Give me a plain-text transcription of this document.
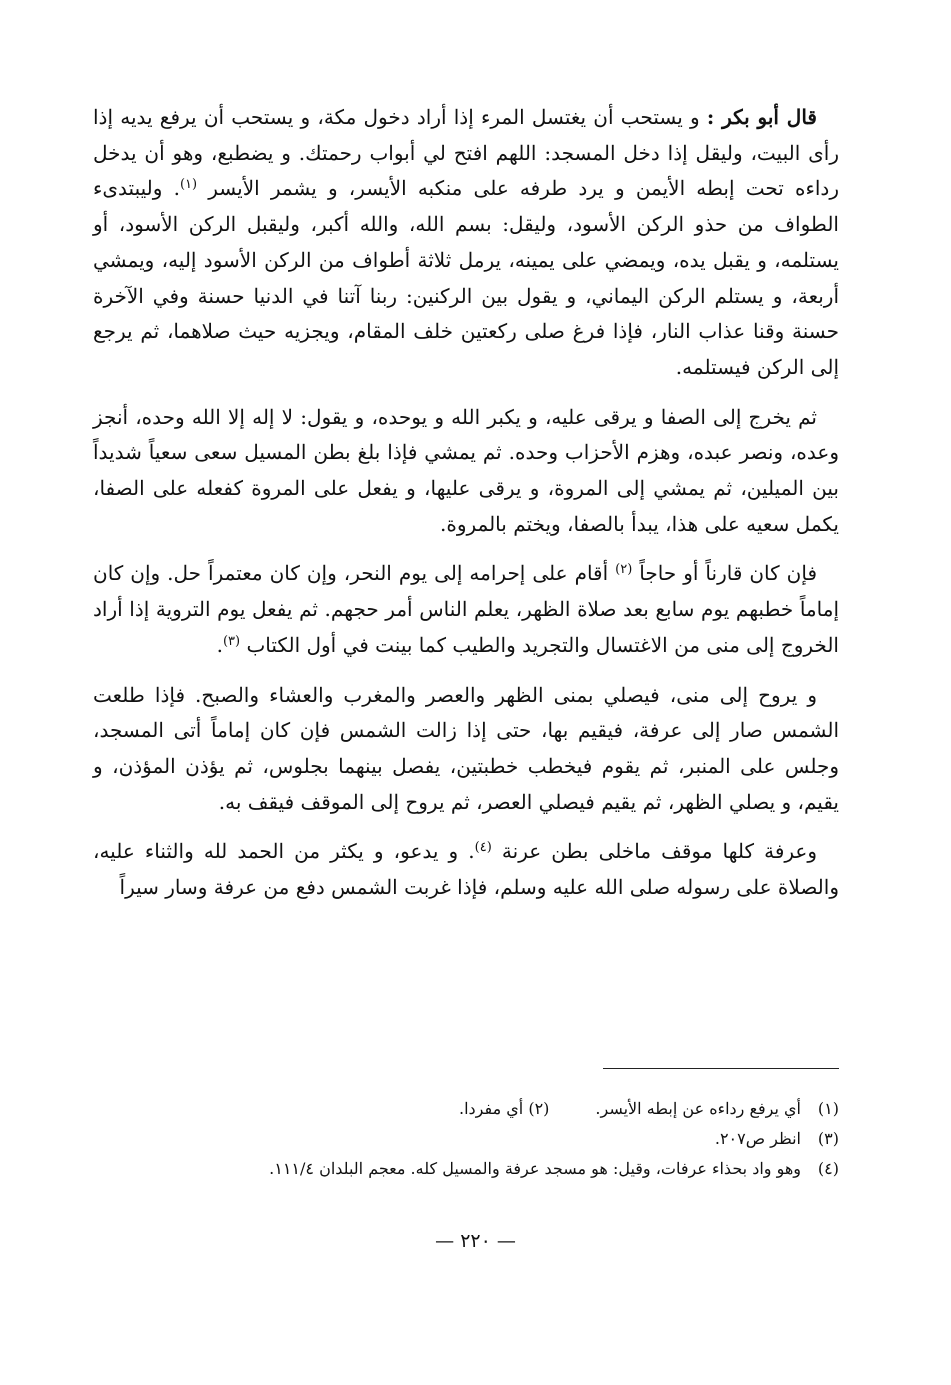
قال أبو بكر : و يستحب أن يغتسل المرء إذا أراد دخول مكة، و يستحب أن يرفع يديه إذا رأى البيت، وليقل إذا دخل المسجد: اللهم افتح لي أبواب رحمتك. و يضطبع، وهو أن يدخل رداءه تحت إبطه الأيمن و يرد طرفه على منكبه الأيسر، و يشمر الأيسر $^{(١)}$. وليبتدىء الطواف من حذو الركن الأسود، وليقل: بسم الله، والله أكبر، وليقبل الركن الأسود، أو يستلمه، و يقبل يده، ويمضي على يمينه، يرمل ثلاثة أطواف من الركن الأسود إليه، ويمشي أربعة، و يستلم الركن اليماني، و يقول بين الركنين: ربنا آتنا في الدنيا حسنة وفي الآخرة حسنة وقنا عذاب النار، فإذا فرغ صلى ركعتين خلف المقام، ويجزيه حيث صلاهما، ثم يرجع إلى الركن فيستلمه.

ثم يخرج إلى الصفا و يرقى عليه، و يكبر الله و يوحده، و يقول: لا إله إلا الله وحده، أنجز وعده، ونصر عبده، وهزم الأحزاب وحده. ثم يمشي فإذا بلغ بطن المسيل سعى سعياً شديداً بين الميلين، ثم يمشي إلى المروة، و يرقى عليها، و يفعل على المروة كفعله على الصفا، يكمل سعيه على هذا، يبدأ بالصفا، ويختم بالمروة.

فإن كان قارناً أو حاجاً $^{(٢)}$ أقام على إحرامه إلى يوم النحر، وإن كان معتمراً حل. وإن كان إماماً خطبهم يوم سابع بعد صلاة الظهر، يعلم الناس أمر حجهم. ثم يفعل يوم التروية إذا أراد الخروج إلى منى من الاغتسال والتجريد والطيب كما بينت في أول الكتاب $^{(٣)}$.

و يروح إلى منى، فيصلي بمنى الظهر والعصر والمغرب والعشاء والصبح. فإذا طلعت الشمس صار إلى عرفة، فيقيم بها، حتى إذا زالت الشمس فإن كان إماماً أتى المسجد، وجلس على المنبر، ثم يقوم فيخطب خطبتين، يفصل بينهما بجلوس، ثم يؤذن المؤذن، و يقيم، و يصلي الظهر، ثم يقيم فيصلي العصر، ثم يروح إلى الموقف فيقف به.

وعرفة كلها موقف ماخلى بطن عرنة $^{(٤)}$. و يدعو، و يكثر من الحمد لله والثناء عليه، والصلاة على رسوله صلى الله عليه وسلم، فإذا غربت الشمس دفع من عرفة وسار سيراً

(١)أي يرفع رداءه عن إبطه الأيسر.(٢) أي مفردا.
(٣)انظر ص٢٠٧.
(٤)وهو واد بحذاء عرفات، وقيل: هو مسجد عرفة والمسيل كله. معجم البلدان ١١١/٤.
— ٢٢٠ —
